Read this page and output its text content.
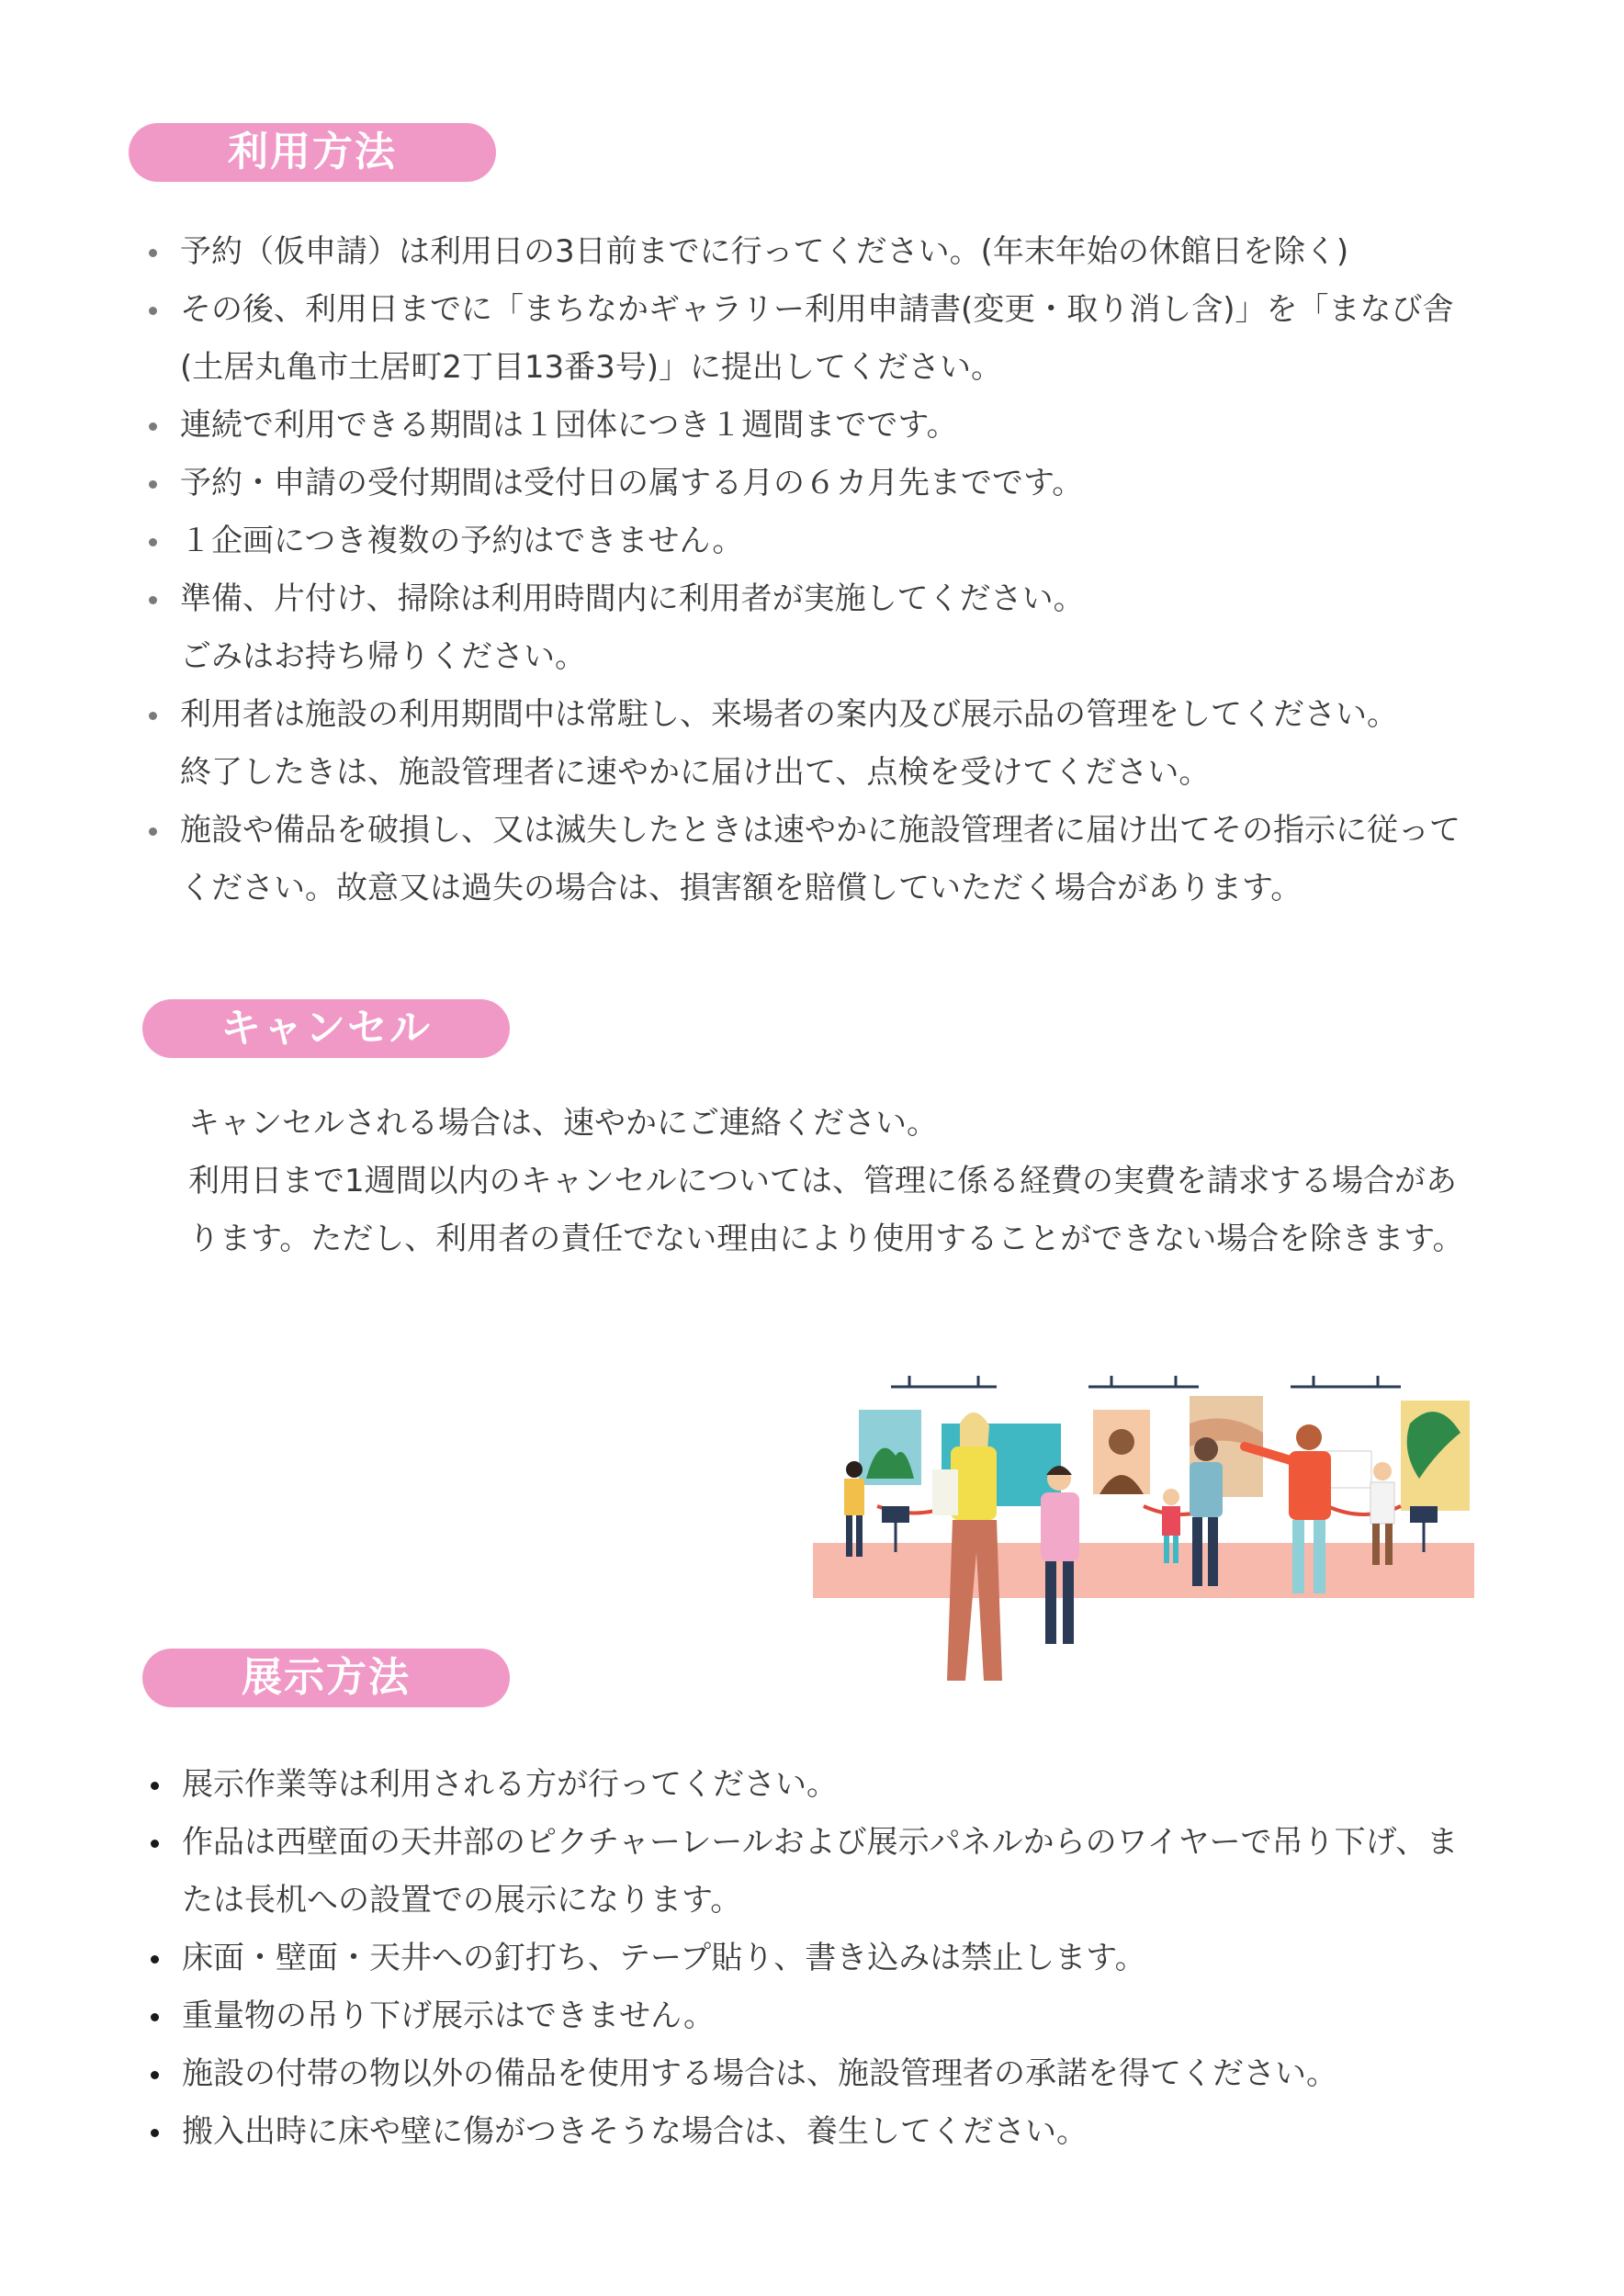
利用方法
予約（仮申請）は利用日の3日前までに行ってください。(年末年始の休館日を除く)
その後、利用日までに「まちなかギャラリー利用申請書(変更・取り消し含)」を「まなび舎(土居丸亀市土居町2丁目13番3号)」に提出してください。
連続で利用できる期間は１団体につき１週間までです。
予約・申請の受付期間は受付日の属する月の６カ月先までです。
１企画につき複数の予約はできません。
準備、片付け、掃除は利用時間内に利用者が実施してください。
ごみはお持ち帰りください。
利用者は施設の利用期間中は常駐し、来場者の案内及び展示品の管理をしてください。
終了したきは、施設管理者に速やかに届け出て、点検を受けてください。
施設や備品を破損し、又は滅失したときは速やかに施設管理者に届け出てその指示に従ってください。故意又は過失の場合は、損害額を賠償していただく場合があります。
キャンセル

キャンセルされる場合は、速やかにご連絡ください。

利用日まで1週間以内のキャンセルについては、管理に係る経費の実費を請求する場合があります。ただし、利用者の責任でない理由により使用することができない場合を除きます。

展示方法
展示作業等は利用される方が行ってください。
作品は西壁面の天井部のピクチャーレールおよび展示パネルからのワイヤーで吊り下げ、または長机への設置での展示になります。
床面・壁面・天井への釘打ち、テープ貼り、書き込みは禁止します。
重量物の吊り下げ展示はできません。
施設の付帯の物以外の備品を使用する場合は、施設管理者の承諾を得てください。
搬入出時に床や壁に傷がつきそうな場合は、養生してください。
